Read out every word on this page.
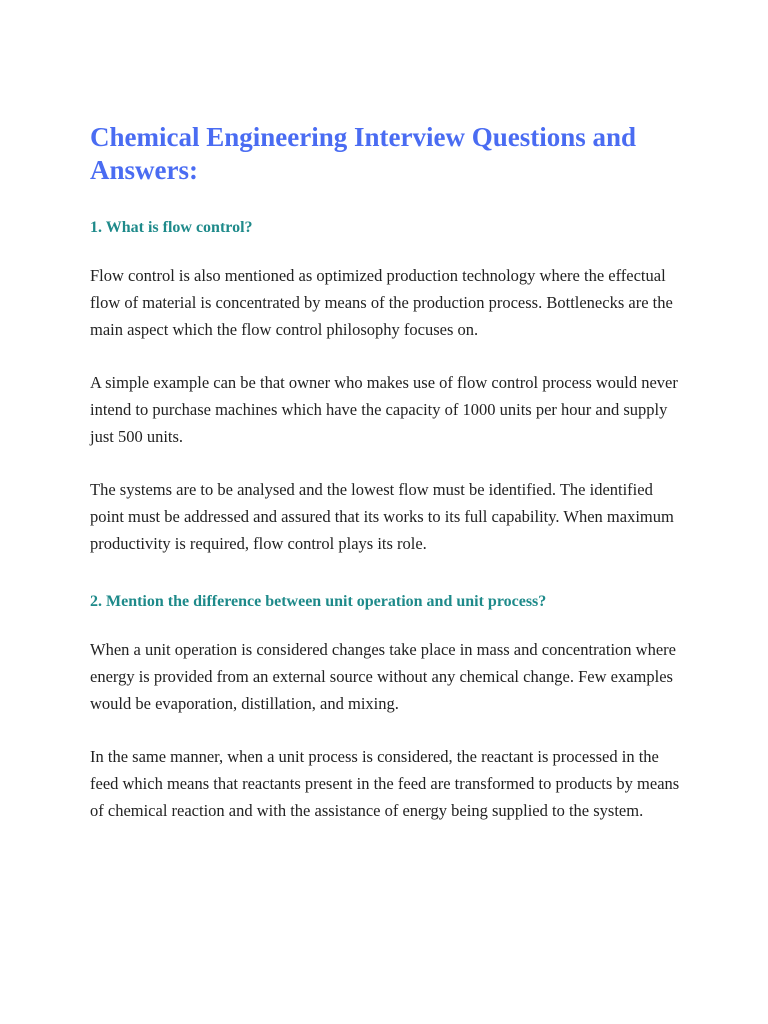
Chemical Engineering Interview Questions and Answers:
1. What is flow control?

Flow control is also mentioned as optimized production technology where the effectual flow of material is concentrated by means of the production process. Bottlenecks are the main aspect which the flow control philosophy focuses on.

A simple example can be that owner who makes use of flow control process would never intend to purchase machines which have the capacity of 1000 units per hour and supply just 500 units.

The systems are to be analysed and the lowest flow must be identified. The identified point must be addressed and assured that its works to its full capability. When maximum productivity is required, flow control plays its role.

2. Mention the difference between unit operation and unit process?

When a unit operation is considered changes take place in mass and concentration where energy is provided from an external source without any chemical change. Few examples would be evaporation, distillation, and mixing.

In the same manner, when a unit process is considered, the reactant is processed in the feed which means that reactants present in the feed are transformed to products by means of chemical reaction and with the assistance of energy being supplied to the system.
